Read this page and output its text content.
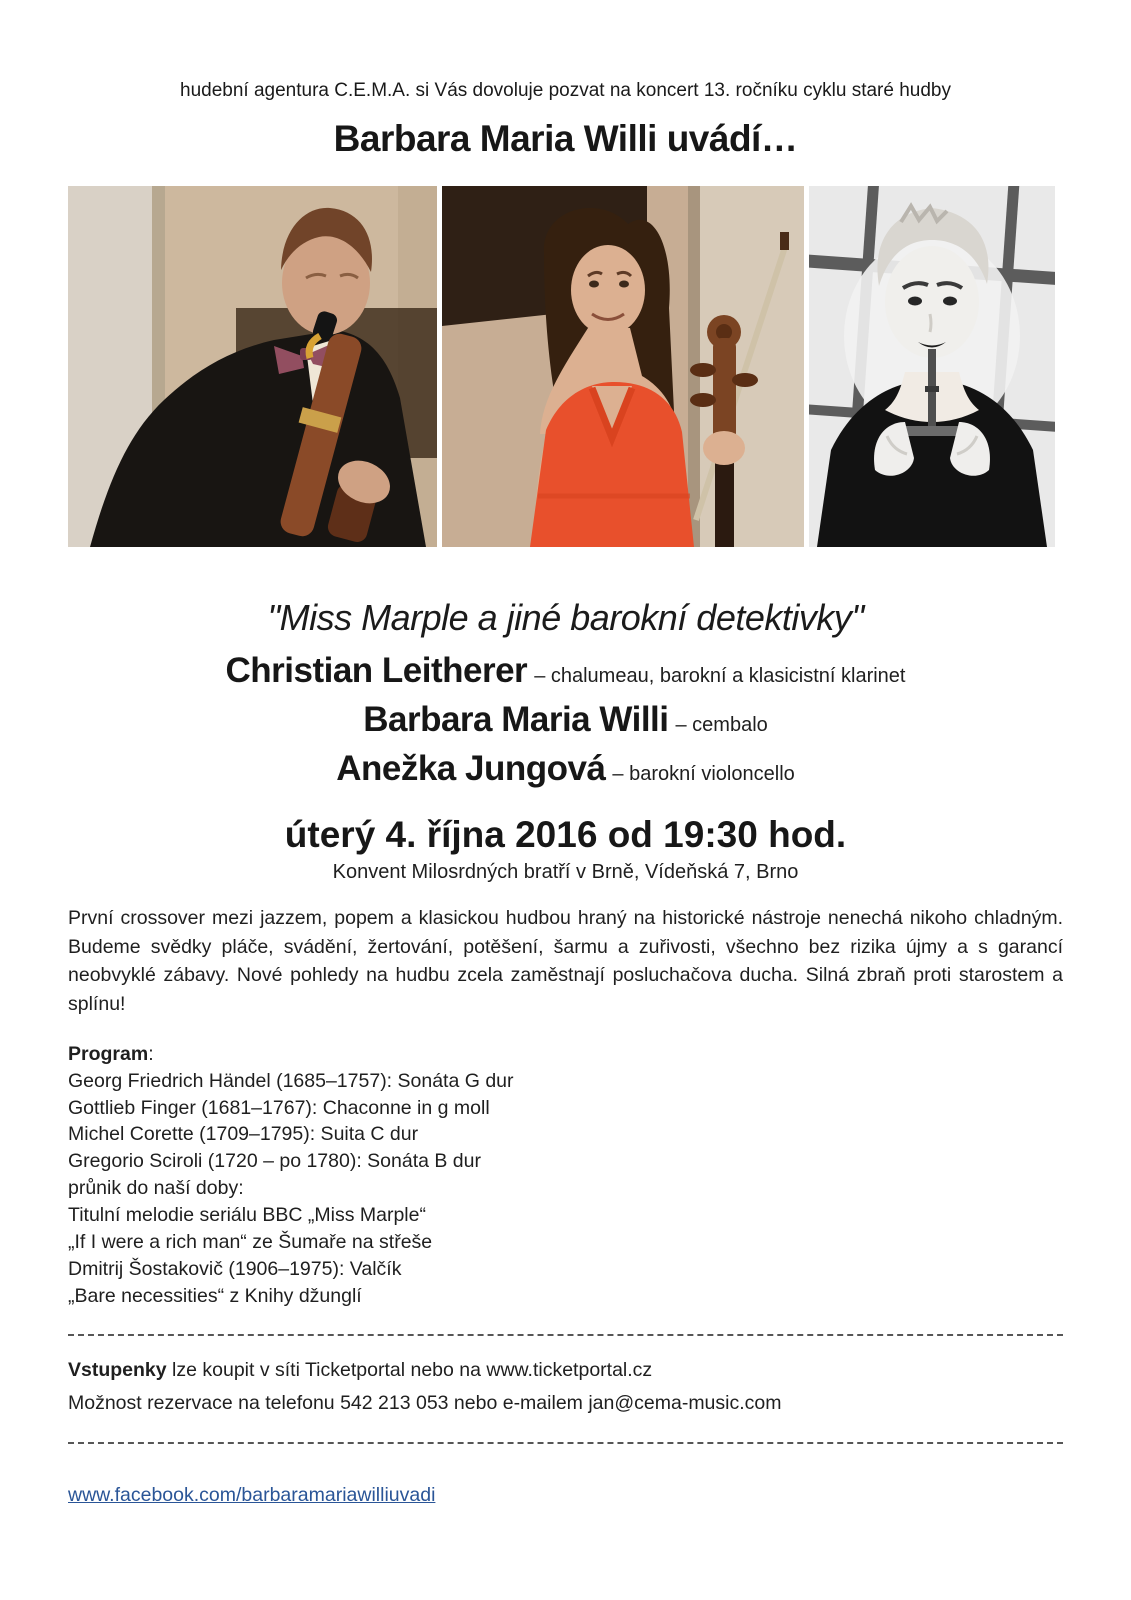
hudební agentura C.E.M.A. si Vás dovoluje pozvat na koncert 13. ročníku cyklu staré hudby

Barbara Maria Willi uvádí…
"Miss Marple a jiné barokní detektivky"
Christian Leitherer – chalumeau, barokní a klasicistní klarinet
Barbara Maria Willi – cembalo
Anežka Jungová – barokní violoncello
úterý 4. října 2016 od 19:30 hod.

Konvent Milosrdných bratří v Brně, Vídeňská 7, Brno

První crossover mezi jazzem, popem a klasickou hudbou hraný na historické nástroje nenechá nikoho chladným. Budeme svědky pláče, svádění, žertování, potěšení, šarmu a zuřivosti, všechno bez rizika újmy a s garancí neobvyklé zábavy. Nové pohledy na hudbu zcela zaměstnají posluchačova ducha. Silná zbraň proti starostem a splínu!

Program:

Georg Friedrich Händel (1685–1757): Sonáta G dur
Gottlieb Finger (1681–1767): Chaconne in g moll
Michel Corette (1709–1795): Suita C dur
Gregorio Sciroli (1720 – po 1780): Sonáta B dur
průnik do naší doby:
Titulní melodie seriálu BBC „Miss Marple“
„If I were a rich man“ ze Šumaře na střeše
Dmitrij Šostakovič (1906–1975): Valčík
„Bare necessities“ z Knihy džunglí

Vstupenky lze koupit v síti Ticketportal nebo na www.ticketportal.cz

Možnost rezervace na telefonu 542 213 053 nebo e-mailem jan@cema-music.com

www.facebook.com/barbaramariawilliuvadi
